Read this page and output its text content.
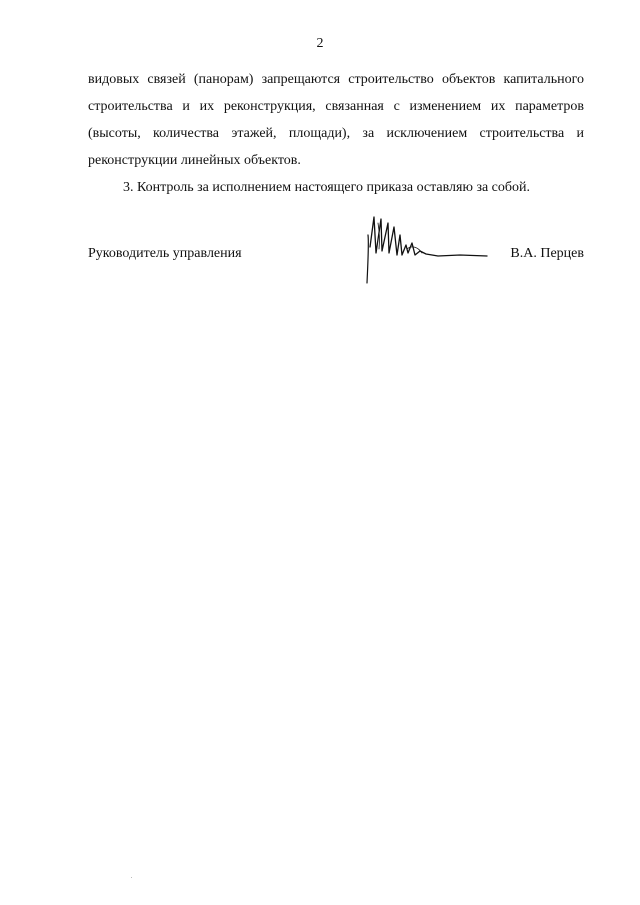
2

видовых связей (панорам) запрещаются строительство объектов капитального строительства и их реконструкция, связанная с изменением их параметров (высоты, количества этажей, площади), за исключением строительства и реконструкции линейных объектов.

3. Контроль за исполнением настоящего приказа оставляю за собой.

Руководитель управления	В.А. Перцев
